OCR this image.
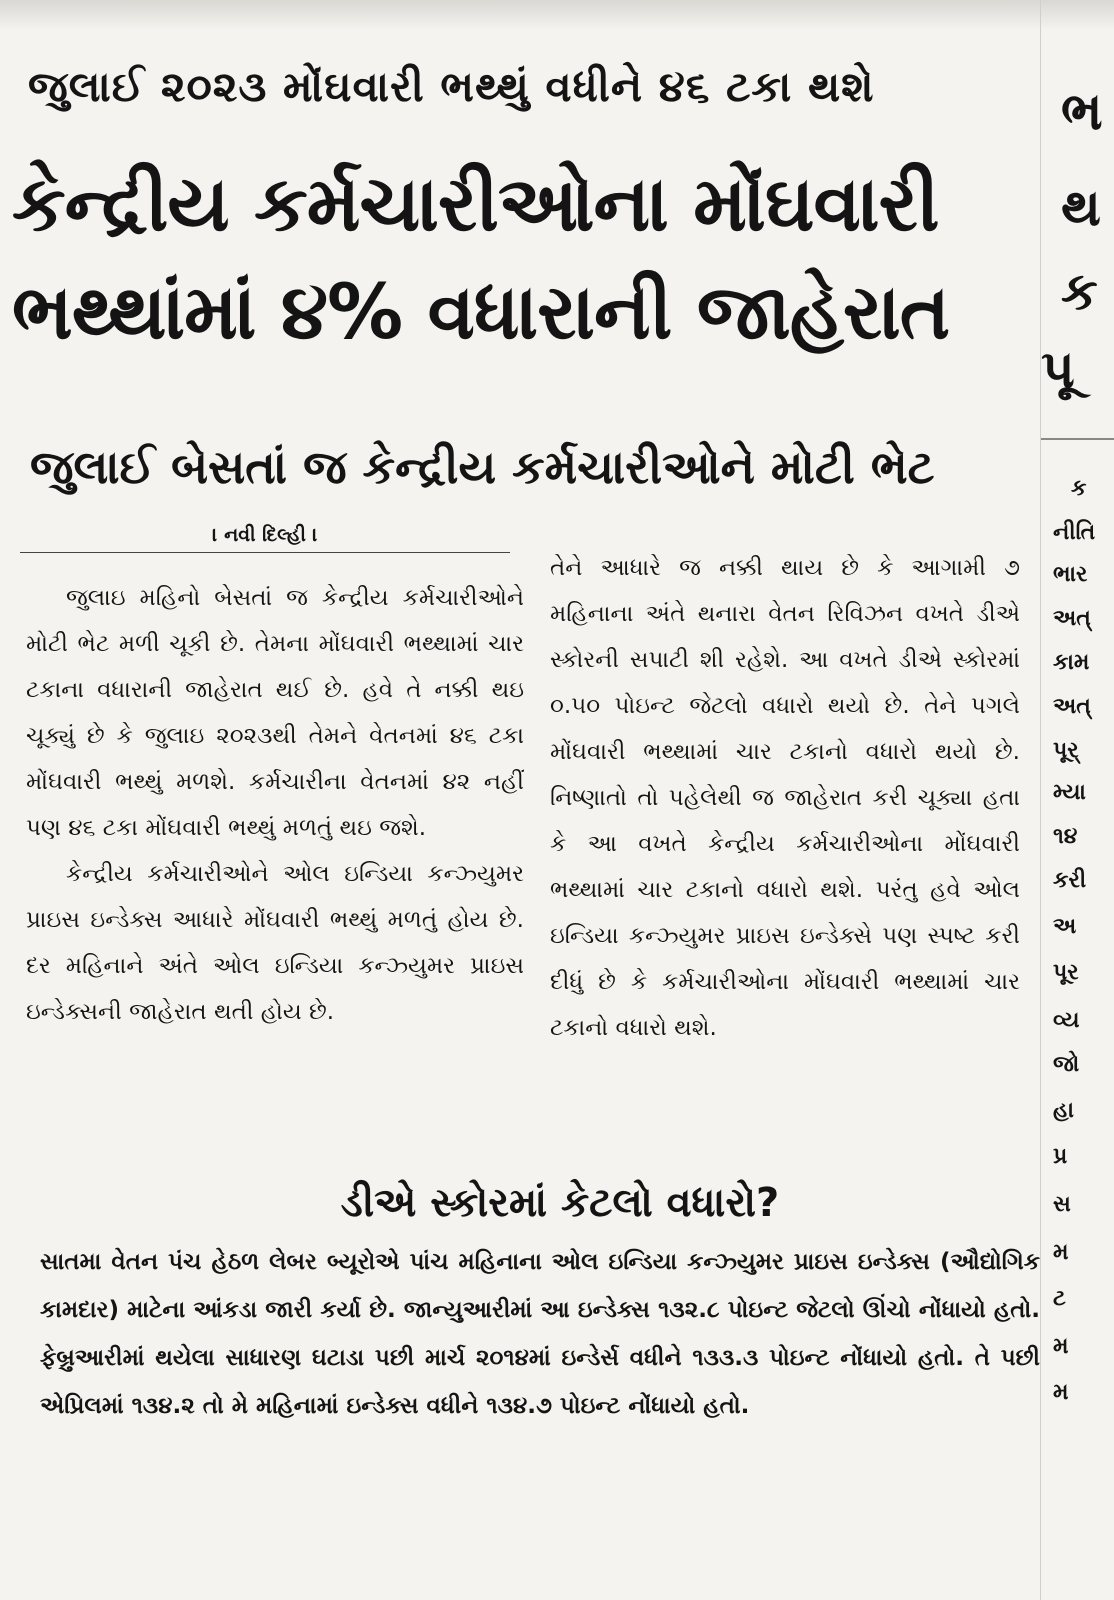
જુલાઈ ૨૦૨૩ મોંઘવારી ભથ્થું વધીને ૪૬ ટકા થશે
કેન્દ્રીય કર્મચારીઓના મોંઘવારી ભથ્થાંમાં ૪% વધારાની જાહેરાત
જુલાઈ બેસતાં જ કેન્દ્રીય કર્મચારીઓને મોટી ભેટ
। નવી દિલ્હી ।

જુલાઇ મહિનો બેસતાં જ કેન્દ્રીય કર્મચારીઓને મોટી ભેટ મળી ચૂકી છે. તેમના મોંઘવારી ભથ્થામાં ચાર ટકાના વધારાની જાહેરાત થઈ છે. હવે તે નક્કી થઇ ચૂક્યું છે કે જુલાઇ ૨૦૨૩થી તેમને વેતનમાં ૪૬ ટકા મોંઘવારી ભથ્થું મળશે. કર્મચારીના વેતનમાં ૪૨ નહીં પણ ૪૬ ટકા મોંઘવારી ભથ્થું મળતું થઇ જશે.

કેન્દ્રીય કર્મચારીઓને ઓલ ઇન્ડિયા કન્ઝ્યુમર પ્રાઇસ ઇન્ડેક્સ આધારે મોંઘવારી ભથ્થું મળતું હોય છે. દર મહિનાને અંતે ઓલ ઇન્ડિયા કન્ઝ્યુમર પ્રાઇસ ઇન્ડેક્સની જાહેરાત થતી હોય છે.

તેને આધારે જ નક્કી થાય છે કે આગામી ૭ મહિનાના અંતે થનારા વેતન રિવિઝન વખતે ડીએ સ્કોરની સપાટી શી રહેશે. આ વખતે ડીએ સ્કોરમાં ૦.૫૦ પોઇન્ટ જેટલો વધારો થયો છે. તેને પગલે મોંઘવારી ભથ્થામાં ચાર ટકાનો વધારો થયો છે. નિષ્ણાતો તો પહેલેથી જ જાહેરાત કરી ચૂક્યા હતા કે આ વખતે કેન્દ્રીય કર્મચારીઓના મોંઘવારી ભથ્થામાં ચાર ટકાનો વધારો થશે. પરંતુ હવે ઓલ ઇન્ડિયા કન્ઝ્યુમર પ્રાઇસ ઇન્ડેક્સે પણ સ્પષ્ટ કરી દીધું છે કે કર્મચારીઓના મોંઘવારી ભથ્થામાં ચાર ટકાનો વધારો થશે.

ડીએ સ્કોરમાં કેટલો વધારો?
સાતમા વેતન પંચ હેઠળ લેબર બ્યૂરોએ પાંચ મહિનાના ઓલ ઇન્ડિયા કન્ઝ્યુમર પ્રાઇસ ઇન્ડેક્સ (ઔદ્યોગિક કામદાર) માટેના આંકડા જારી કર્યા છે. જાન્યુઆરીમાં આ ઇન્ડેક્સ ૧૩૨.૮ પોઇન્ટ જેટલો ઊંચો નોંધાયો હતો. ફેબ્રુઆરીમાં થયેલા સાધારણ ઘટાડા પછી માર્ચ ૨૦૧૪માં ઇન્ડેર્સ વધીને ૧૩૩.૩ પોઇન્ટ નોંધાયો હતો. તે પછી એપ્રિલમાં ૧૩૪.૨ તો મે મહિનામાં ઇન્ડેક્સ વધીને ૧૩૪.૭ પોઇન્ટ નોંધાયો હતો.
ભ
થ
ક
પૂ
ક
નીતિ
ભાર
અત્
કામ
અત્
પૂર્
મ્યા
૧૪
કરી
અ
પૂર
વ્ય
જો
હા
પ્ર
સ
મ
ટ
મ
મ
